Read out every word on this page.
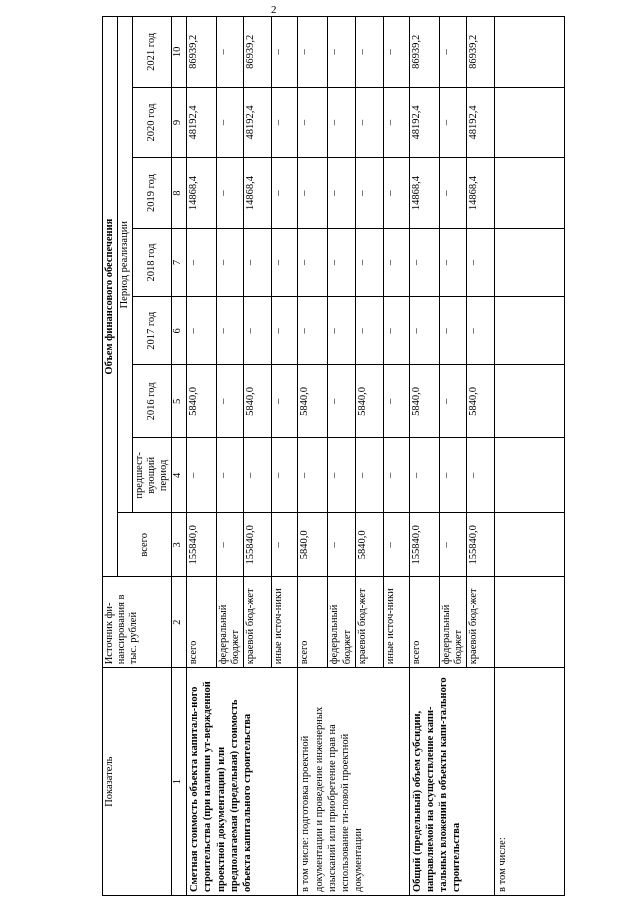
2
Показатель	Источник фи-нансирования в тыс. рублей	Объем финансового обеспечения							
		всего	Период реализации						
			предшест-вующий период	2016 год	2017 год	2018 год	2019 год	2020 год	2021 год
1	2	3	4	5	6	7	8	9	10
Сметная стоимость объекта капиталь-ного строительства (при наличии ут-вержденной проектной документации) или предполагаемая (предельная) стоимость объекта капитального строительства	всего	155840,0	–	5840,0	–	–	14868,4	48192,4	86939,2
	федеральный бюджет	–	–	–	–	–	–	–	–
	краевой бюд-жет	155840,0	–	5840,0	–	–	14868,4	48192,4	86939,2
	иные источ-ники	–	–	–	–	–	–	–	–
в том числе: подготовка проектной документации и проведение инженерных изысканий или приобретение прав на использование ти-повой проектной документации	всего	5840,0	–	5840,0	–	–	–	–	–
	федеральный бюджет	–	–	–	–	–	–	–	–
	краевой бюд-жет	5840,0	–	5840,0	–	–	–	–	–
	иные источ-ники	–	–	–	–	–	–	–	–
Общий (предельный) объем субсидии, направляемой на осуществление капи-тальных вложений в объекты капи-тального строительства	всего	155840,0	–	5840,0	–	–	14868,4	48192,4	86939,2
	федеральный бюджет	–	–	–	–	–	–	–	–
	краевой бюд-жет	155840,0	–	5840,0	–	–	14868,4	48192,4	86939,2
в том числе:									
